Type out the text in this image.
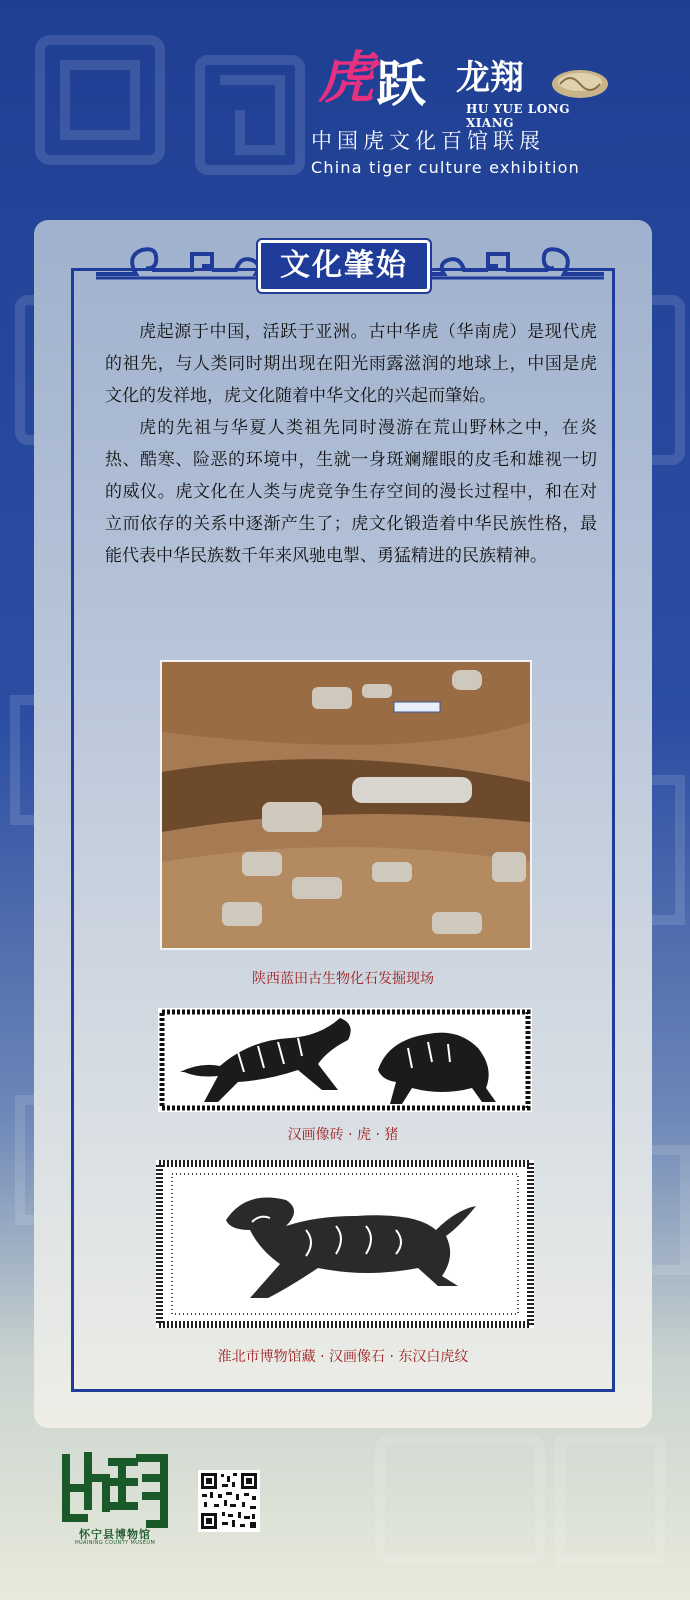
虎 跃 龙翔
HU YUE LONG XIANG
中国虎文化百馆联展
China tiger culture exhibition
文化肇始

虎起源于中国，活跃于亚洲。古中华虎（华南虎）是现代虎的祖先，与人类同时期出现在阳光雨露滋润的地球上，中国是虎文化的发祥地，虎文化随着中华文化的兴起而肇始。

虎的先祖与华夏人类祖先同时漫游在荒山野林之中，在炎热、酷寒、险恶的环境中，生就一身斑斓耀眼的皮毛和雄视一切的威仪。虎文化在人类与虎竞争生存空间的漫长过程中，和在对立而依存的关系中逐渐产生了；虎文化锻造着中华民族性格，最能代表中华民族数千年来风驰电掣、勇猛精进的民族精神。

陕西蓝田古生物化石发掘现场
汉画像砖 · 虎 · 猪
淮北市博物馆藏 · 汉画像石 · 东汉白虎纹
怀宁县博物馆
HUAINING COUNTY MUSEUM
